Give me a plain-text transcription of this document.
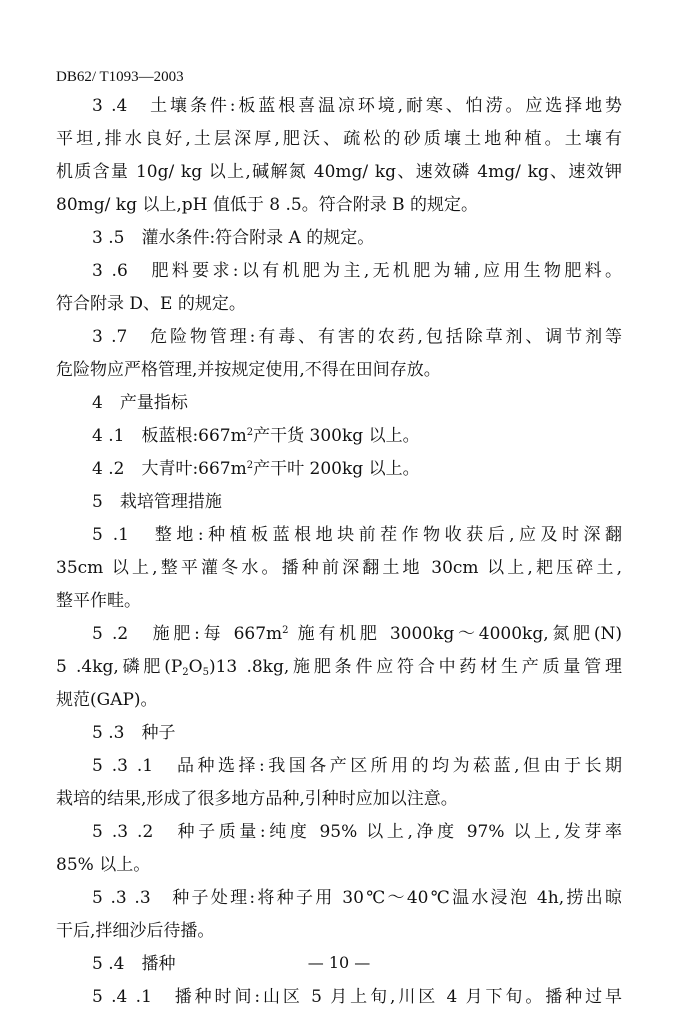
DB62/ T1093—2003
3 .4　土壤条件:板蓝根喜温凉环境,耐寒、怕涝。应选择地势
平坦,排水良好,土层深厚,肥沃、疏松的砂质壤土地种植。土壤有
机质含量 10g/ kg 以上,碱解氮 40mg/ kg、速效磷 4mg/ kg、速效钾
80mg/ kg 以上,pH 值低于 8 .5。符合附录 B 的规定。
3 .5　灌水条件:符合附录 A 的规定。
3 .6　肥料要求:以有机肥为主,无机肥为辅,应用生物肥料。
符合附录 D、E 的规定。
3 .7　危险物管理:有毒、有害的农药,包括除草剂、调节剂等
危险物应严格管理,并按规定使用,不得在田间存放。
4　产量指标
4 .1　板蓝根$:667m^2$产干货 300kg 以上。
4 .2　大青叶$:667m^2$产干叶 200kg 以上。
5　栽培管理措施
5 .1　整地:种植板蓝根地块前茬作物收获后,应及时深翻
35cm 以上,整平灌冬水。播种前深翻土地 30cm 以上,耙压碎土,
整平作畦。
5 .2　施肥:每 $667m^2$ 施有机肥 3000kg～4000kg,氮肥(N)
5 .4kg,磷肥$(P_2O_5)13$ .8kg,施肥条件应符合中药材生产质量管理
规范(GAP)。
5 .3　种子
5 .3 .1　品种选择:我国各产区所用的均为菘蓝,但由于长期
栽培的结果,形成了很多地方品种,引种时应加以注意。
5 .3 .2　种子质量:纯度 95% 以上,净度 97% 以上,发芽率
85% 以上。
5 .3 .3　种子处理:将种子用 30℃～40℃温水浸泡 4h,捞出晾
干后,拌细沙后待播。
5 .4　播种
5 .4 .1　播种时间:山区 5 月上旬,川区 4 月下旬。播种过早
— 10 —
